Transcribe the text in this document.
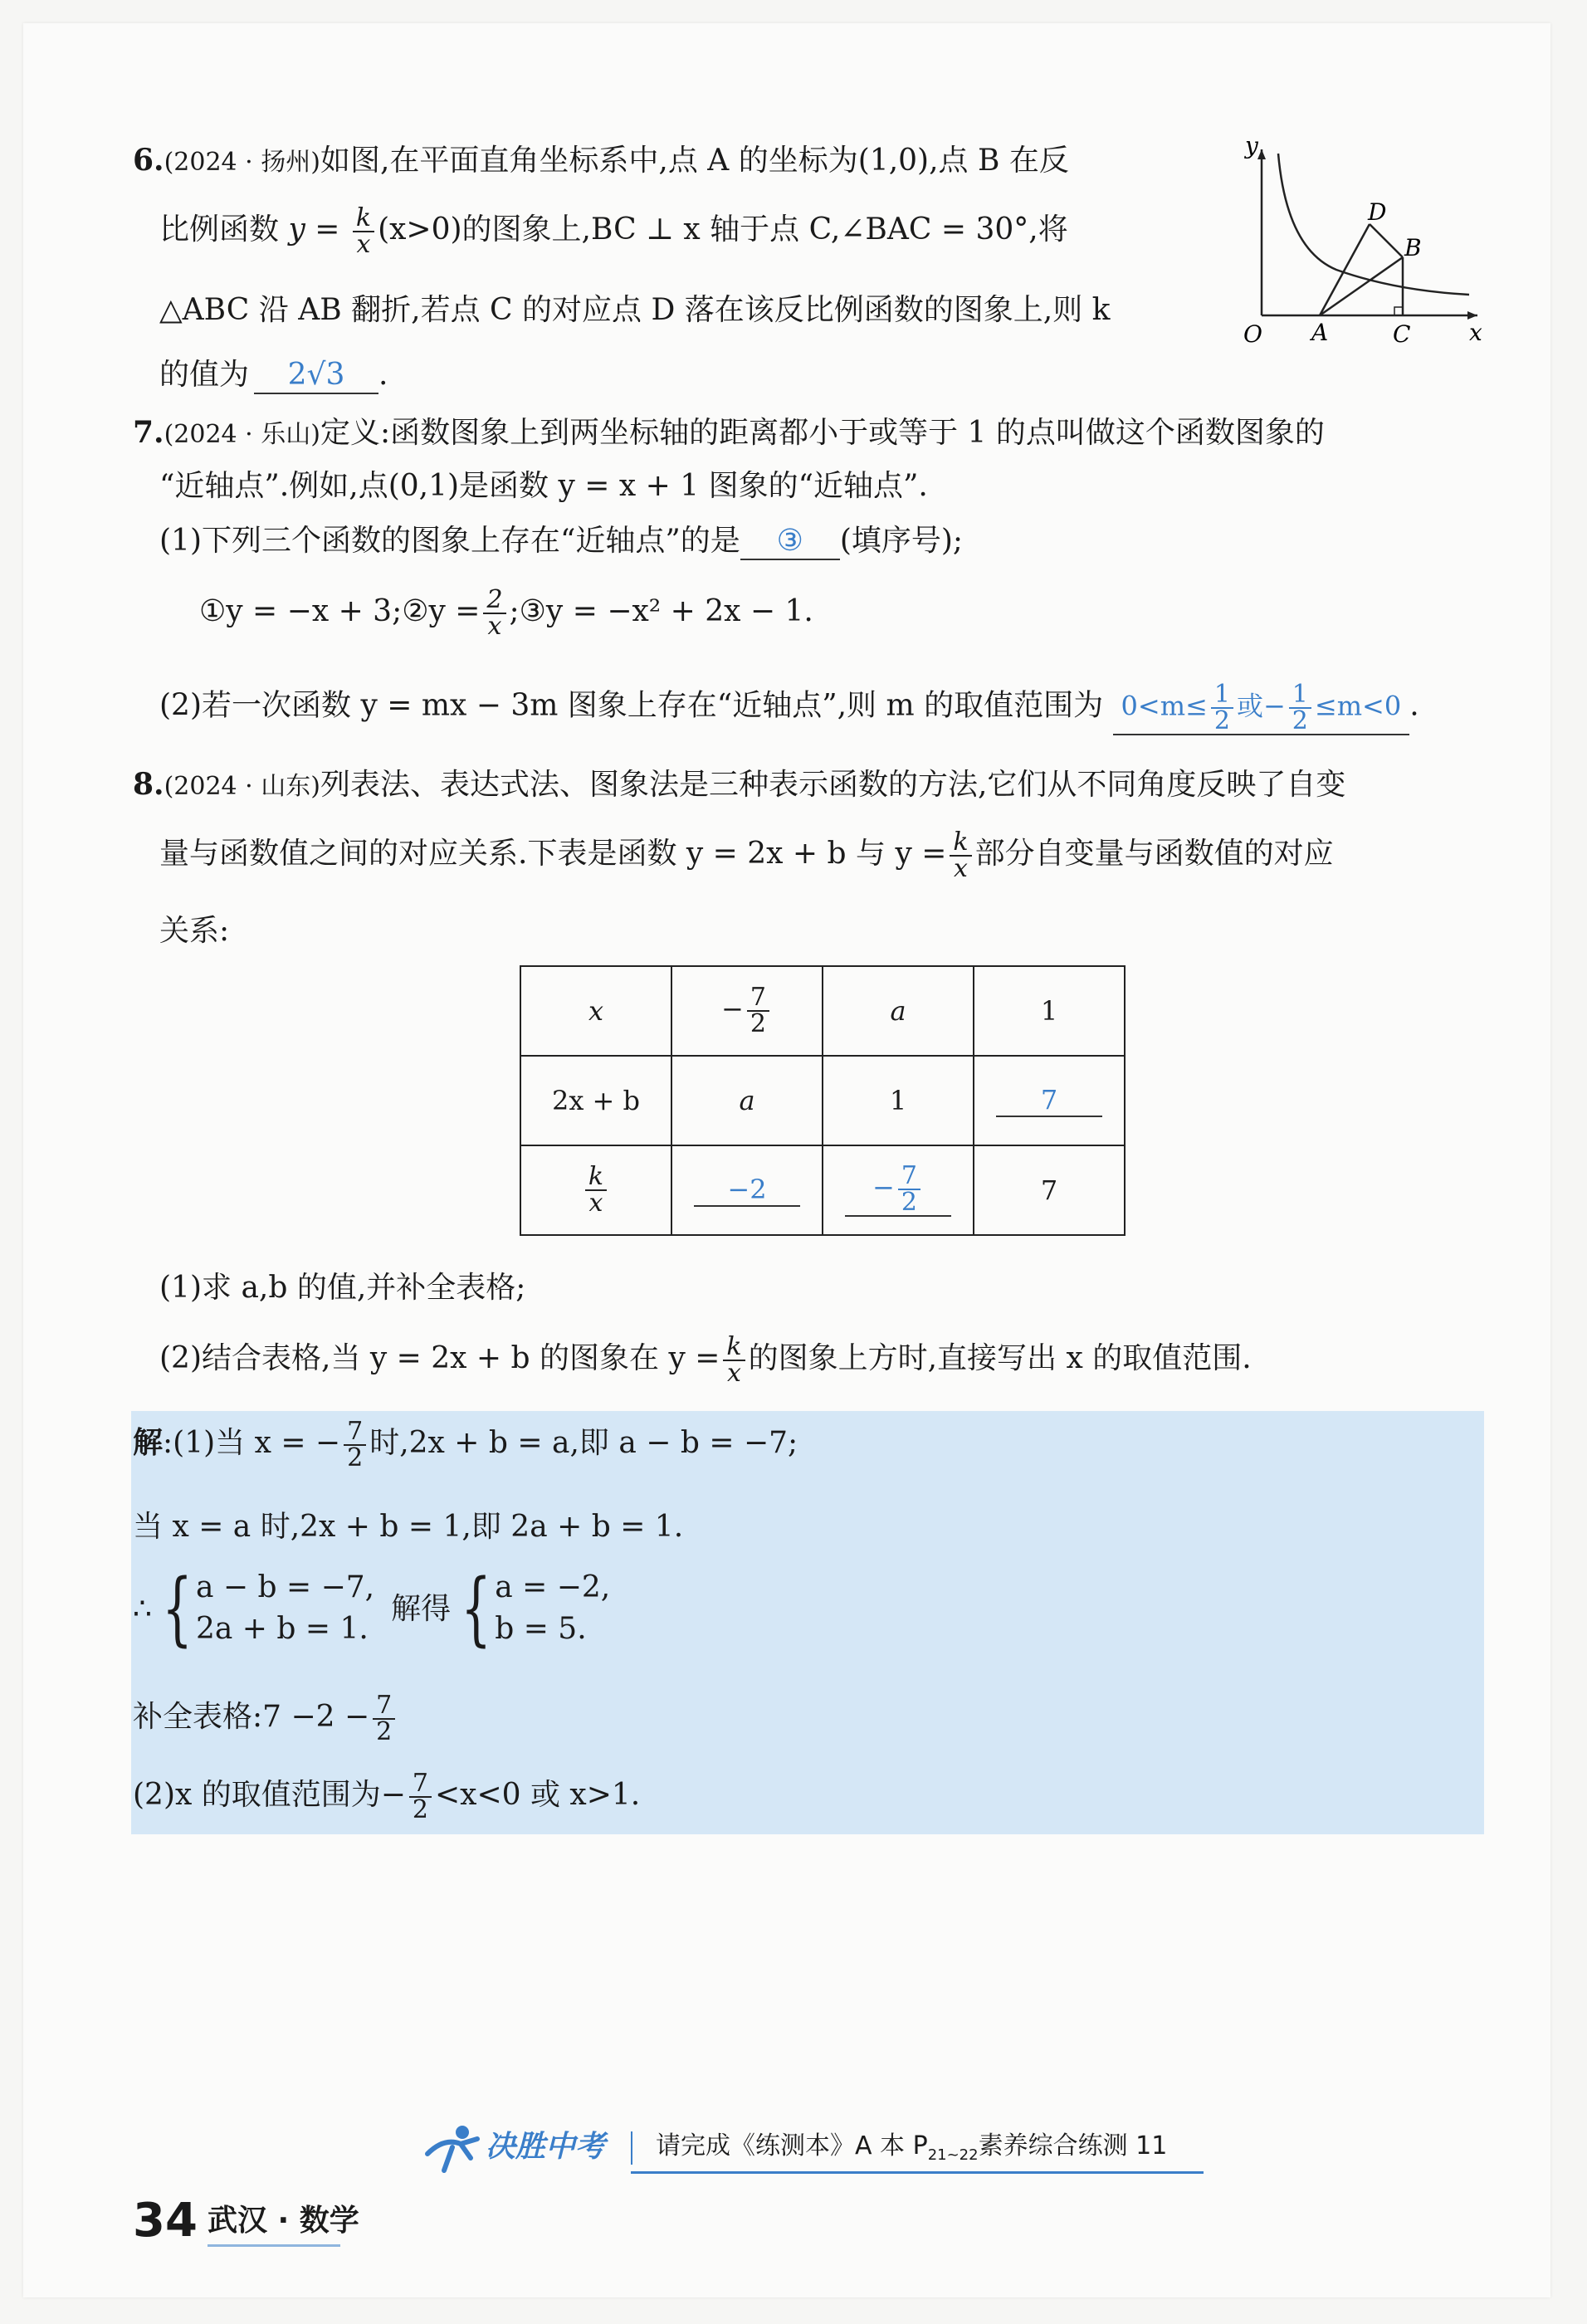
6.(2024 · 扬州)如图,在平面直角坐标系中,点 A 的坐标为(1,0),点 B 在反
比例函数 $y = \frac{k}{x} (x>0)$的图象上,BC ⊥ x 轴于点 C,∠BAC = 30°,将
△ABC 沿 AB 翻折,若点 C 的对应点 D 落在该反比例函数的图象上,则 k
的值为 2√3 .
y
x
O A	C
B
D
7.(2024 · 乐山)定义:函数图象上到两坐标轴的距离都小于或等于 1 的点叫做这个函数图象的
“近轴点”.例如,点(0,1)是函数 y = x + 1 图象的“近轴点”.
(1)下列三个函数的图象上存在“近轴点”的是 ③ (填序号);
①y = −x + 3;②y = $\frac{2}{x}$ ;③y = −x² + 2x − 1.
(2)若一次函数 y = mx − 3m 图象上存在“近轴点”,则 m 的取值范围为 $0<m\le \frac{1}{2}$ 或− $\frac{1}{2} \le m<0$ .
8.(2024 · 山东)列表法、表达式法、图象法是三种表示函数的方法,它们从不同角度反映了自变
量与函数值之间的对应关系.下表是函数 y = 2x + b 与 $y = \frac{k}{x}$ 部分自变量与函数值的对应
关系:
x	− $\frac{7}{2}$	a	1
2x + b	a	1	7

$\frac{k}{x}$	−2	− $\frac{7}{2}$	7
(1)求 a,b 的值,并补全表格;
(2)结合表格,当 y = 2x + b 的图象在 $y = \frac{k}{x}$ 的图象上方时,直接写出 x 的取值范围.
解:(1)当 x = − $\frac{7}{2}$ 时,2x + b = a,即 a − b = −7;
当 x = a 时,2x + b = 1,即 2a + b = 1.
∴ { a − b = −7,
2a + b = 1.
解得 { a = −2,
b = 5.
补全表格:7 $-2 - \frac{7}{2}$
(2)x 的取值范围为− $\frac{7}{2} <x<0$ 或 x>1.
决胜中考 请完成《练测本》A 本 $P_{21\sim 22}$素养综合练测 11
34 武汉 · 数学
